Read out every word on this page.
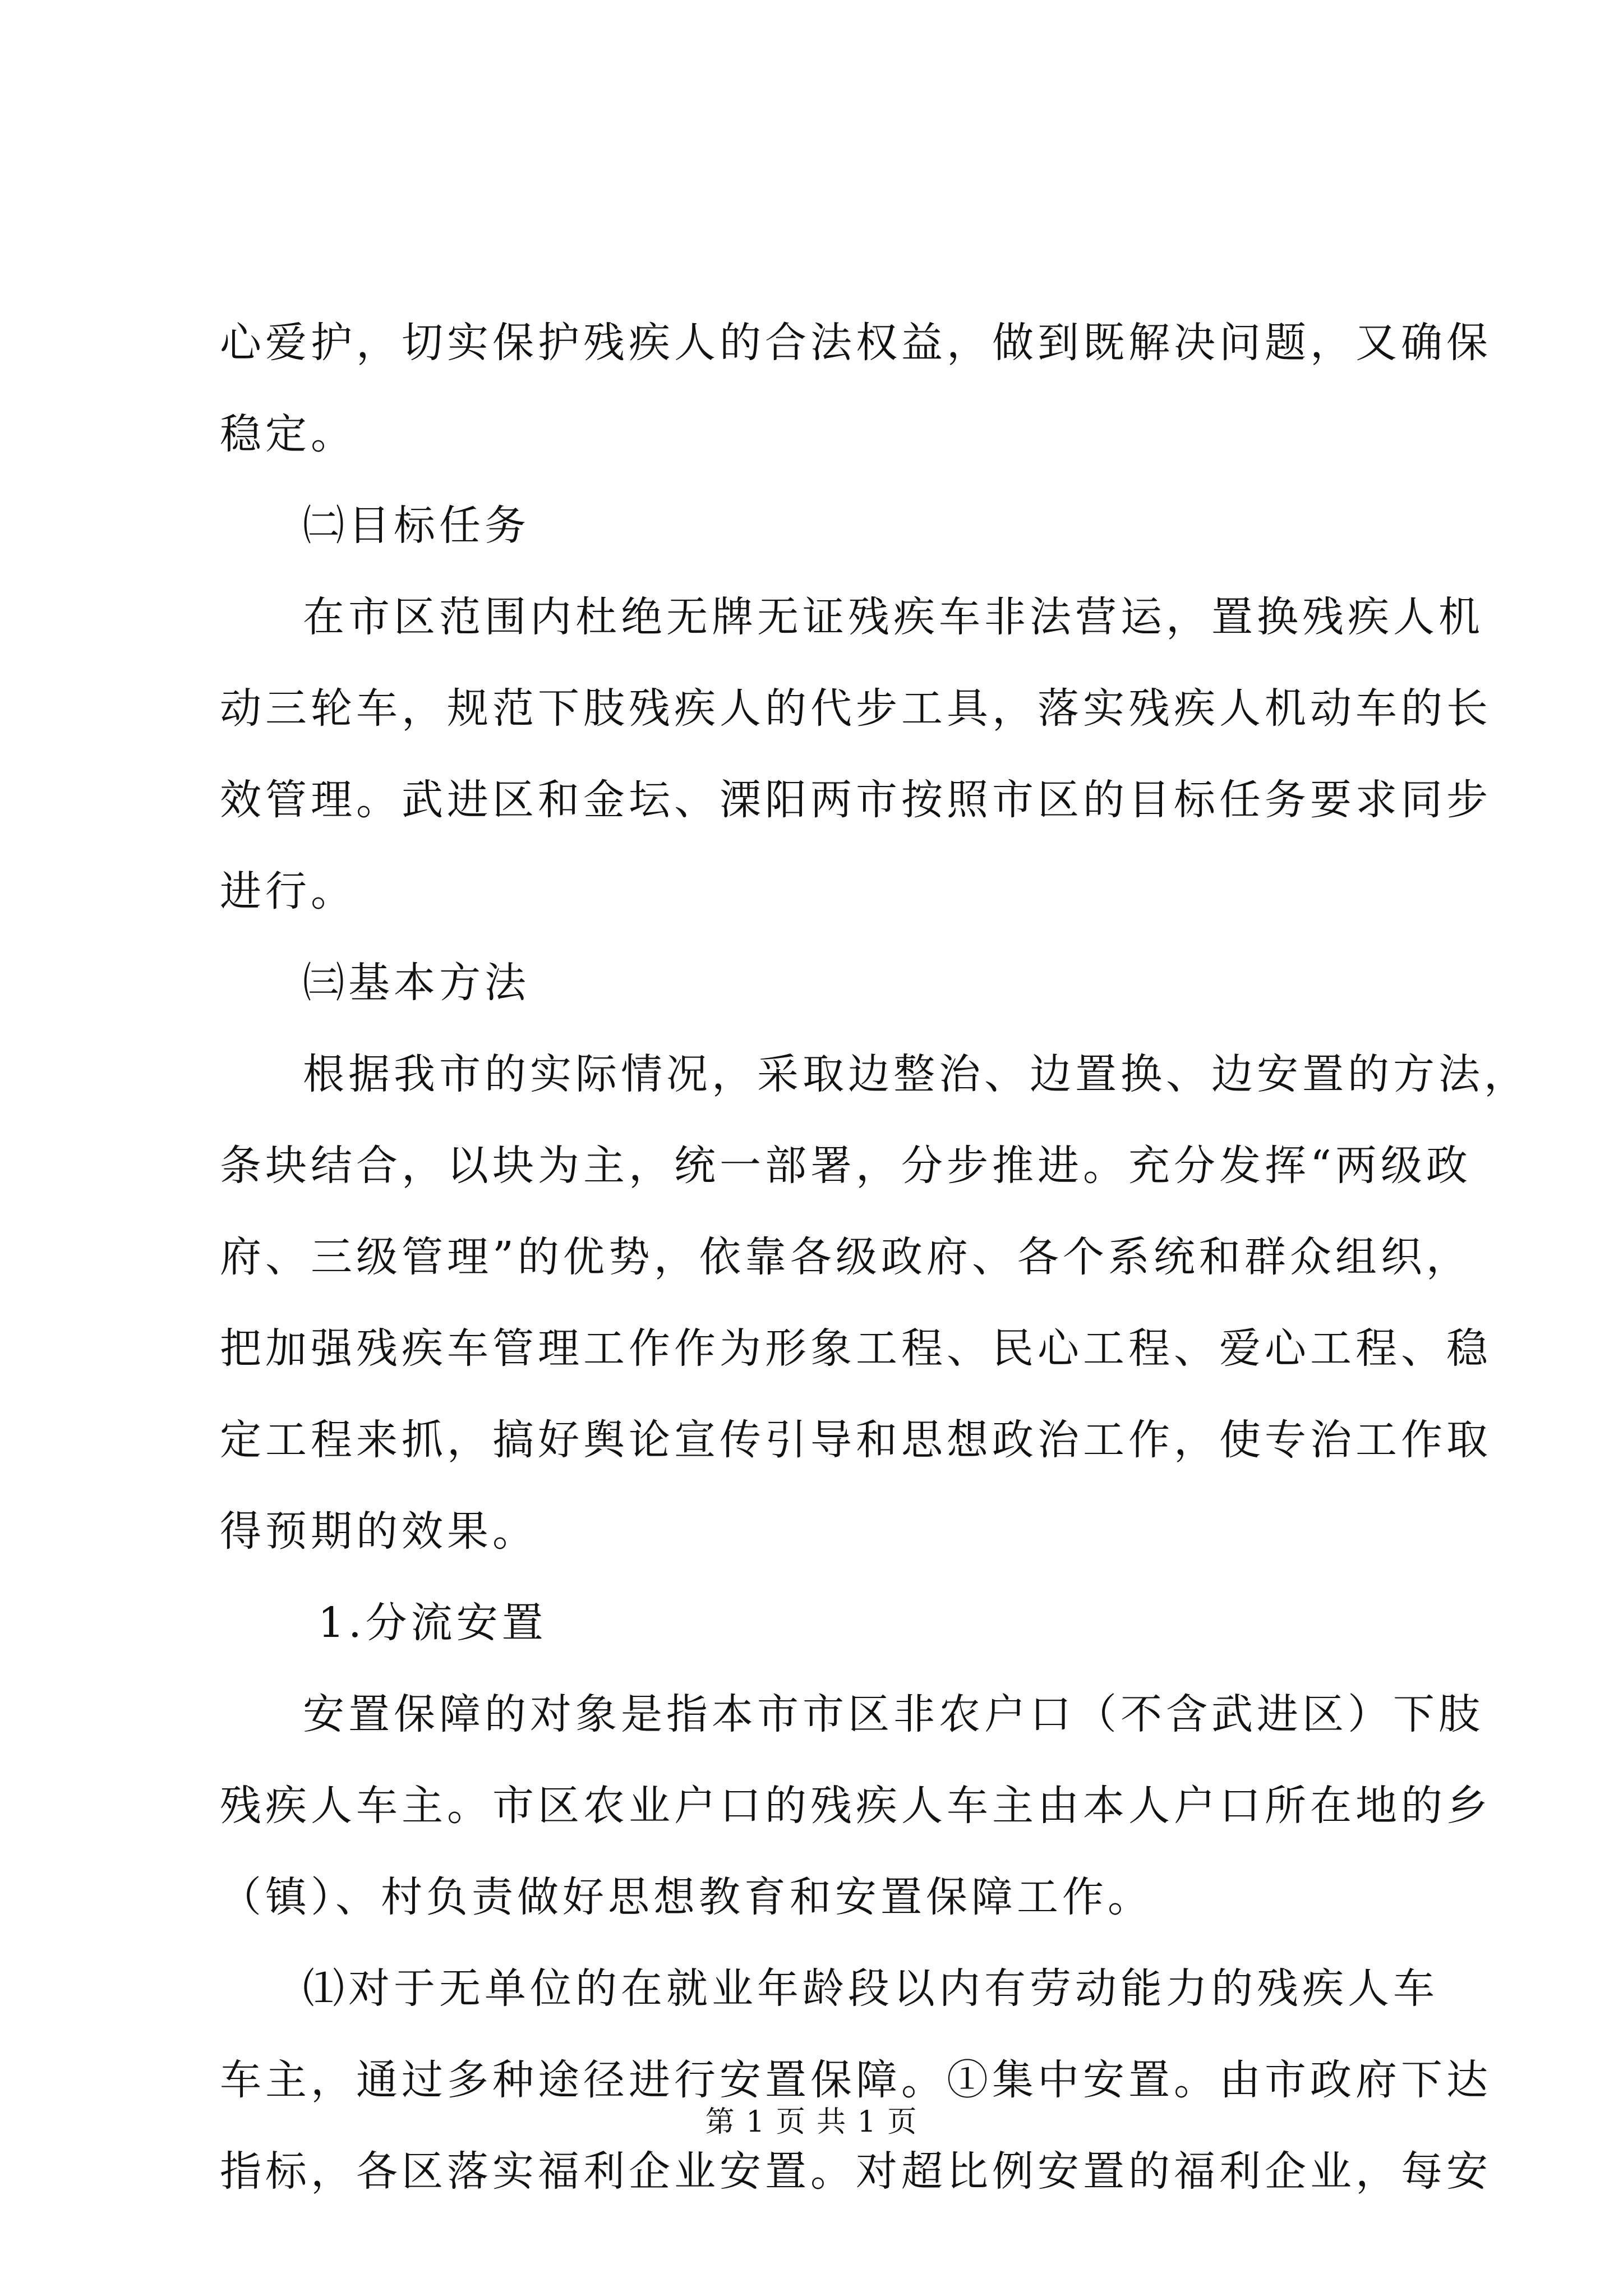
心爱护，切实保护残疾人的合法权益，做到既解决问题，又确保
稳定。
㈡目标任务
在市区范围内杜绝无牌无证残疾车非法营运，置换残疾人机
动三轮车，规范下肢残疾人的代步工具，落实残疾人机动车的长
效管理。武进区和金坛、溧阳两市按照市区的目标任务要求同步
进行。
㈢基本方法
根据我市的实际情况，采取边整治、边置换、边安置的方法，
条块结合，以块为主，统一部署，分步推进。充分发挥“两级政
府、三级管理”的优势，依靠各级政府、各个系统和群众组织，
把加强残疾车管理工作作为形象工程、民心工程、爱心工程、稳
定工程来抓，搞好舆论宣传引导和思想政治工作，使专治工作取
得预期的效果。
1.分流安置
安置保障的对象是指本市市区非农户口（不含武进区）下肢
残疾人车主。市区农业户口的残疾人车主由本人户口所在地的乡
（镇）、村负责做好思想教育和安置保障工作。
⑴对于无单位的在就业年龄段以内有劳动能力的残疾人车
车主，通过多种途径进行安置保障。①集中安置。由市政府下达
指标，各区落实福利企业安置。对超比例安置的福利企业，每安
第 1 页 共 1 页
